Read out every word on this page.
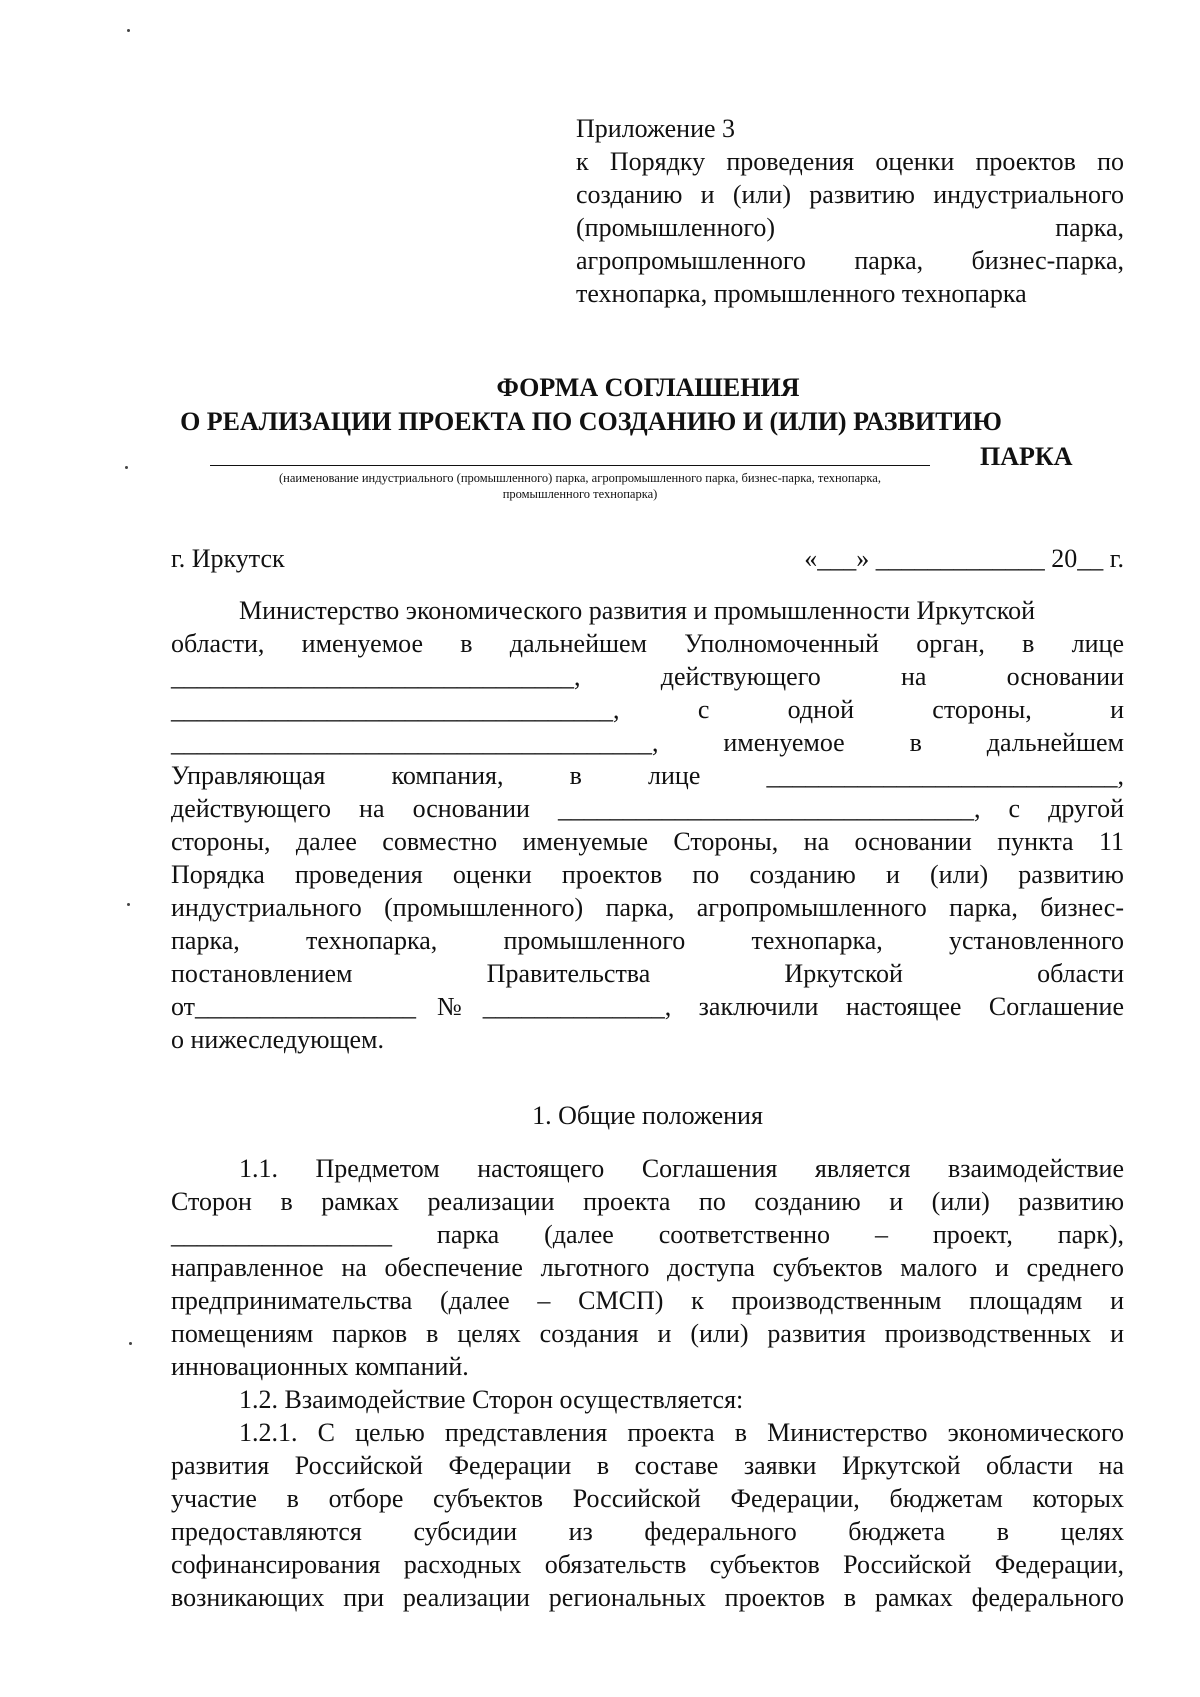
Приложение 3
к Порядку проведения оценки проектов по
созданию и (или) развитию индустриального
(промышленного) парка,
агропромышленного парка, бизнес-парка,
технопарка, промышленного технопарка
ФОРМА СОГЛАШЕНИЯ
О РЕАЛИЗАЦИИ ПРОЕКТА ПО СОЗДАНИЮ И (ИЛИ) РАЗВИТИЮ
ПАРКА
(наименование индустриального (промышленного) парка, агропромышленного парка, бизнес-парка, технопарка,
промышленного технопарка)
г. Иркутск	«___» _____________ 20__ г.
Министерство экономического развития и промышленности Иркутской
области, именуемое в дальнейшем Уполномоченный орган, в лице
_______________________________, действующего на основании
__________________________________, с одной стороны, и
_____________________________________, именуемое в дальнейшем
Управляющая компания, в лице ___________________________,
действующего на основании ________________________________, с другой
стороны, далее совместно именуемые Стороны, на основании пункта 11
Порядка проведения оценки проектов по созданию и (или) развитию
индустриального (промышленного) парка, агропромышленного парка, бизнес-
парка, технопарка, промышленного технопарка, установленного
постановлением Правительства Иркутской области
от_________________№______________, заключили настоящее Соглашение
о нижеследующем.
1. Общие положения
1.1. Предметом настоящего Соглашения является взаимодействие
Сторон в рамках реализации проекта по созданию и (или) развитию
_________________ парка (далее соответственно – проект, парк),
направленное на обеспечение льготного доступа субъектов малого и среднего
предпринимательства (далее – СМСП) к производственным площадям и
помещениям парков в целях создания и (или) развития производственных и
инновационных компаний.
1.2. Взаимодействие Сторон осуществляется:
1.2.1. С целью представления проекта в Министерство экономического
развития Российской Федерации в составе заявки Иркутской области на
участие в отборе субъектов Российской Федерации, бюджетам которых
предоставляются субсидии из федерального бюджета в целях
софинансирования расходных обязательств субъектов Российской Федерации,
возникающих при реализации региональных проектов в рамках федерального
